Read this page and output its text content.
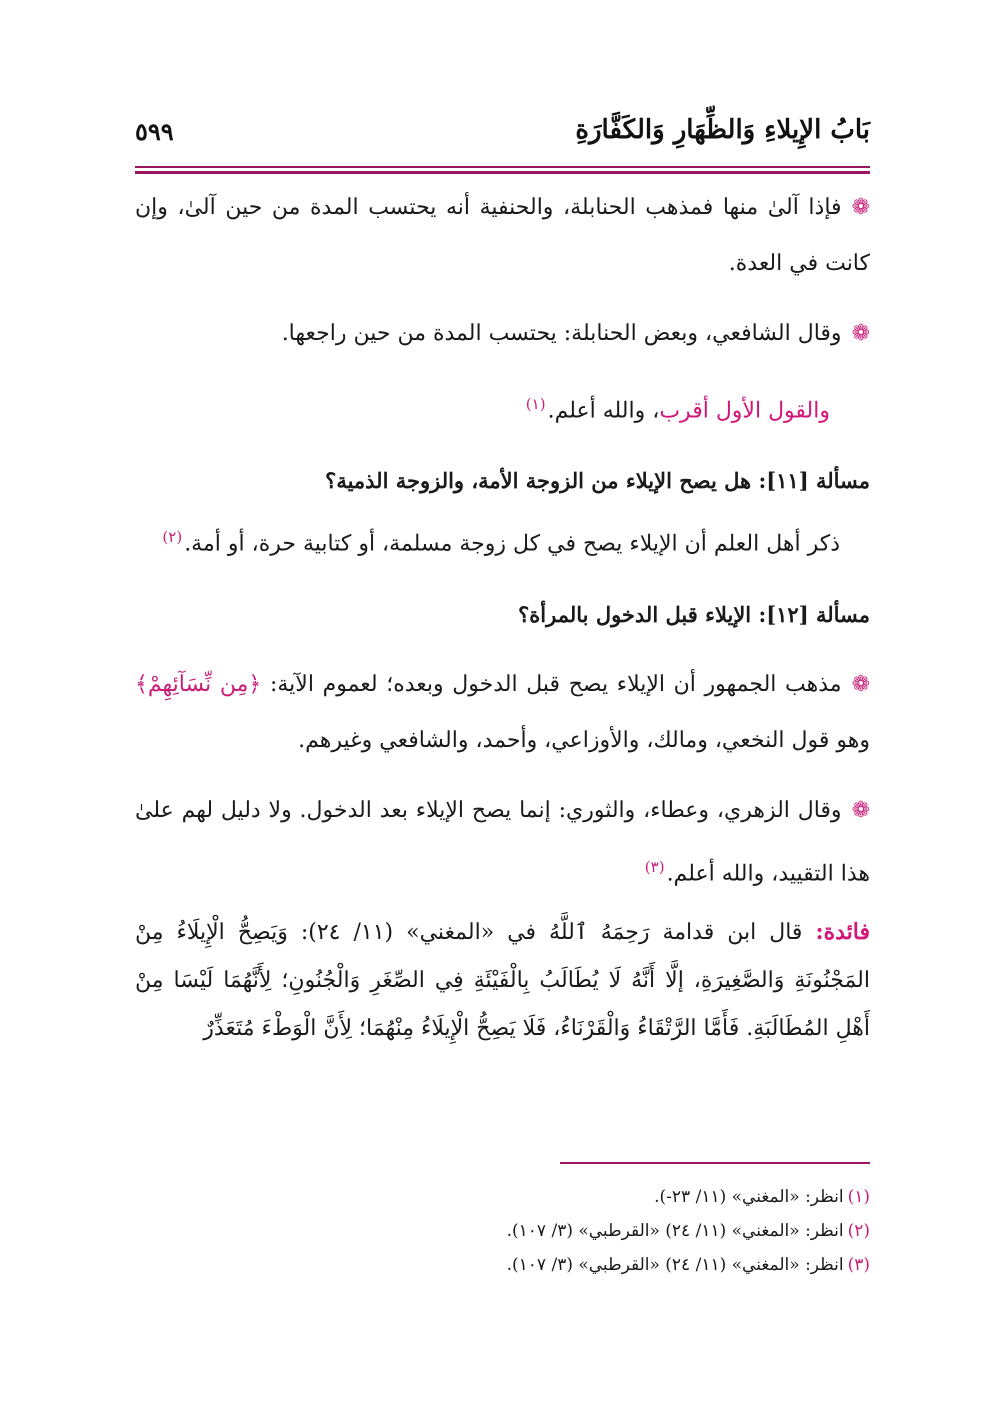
بَابُ الإِيلاءِ وَالظِّهَارِ وَالكَفَّارَةِ
٥٩٩

❁فإذا آلىٰ منها فمذهب الحنابلة، والحنفية أنه يحتسب المدة من حين آلىٰ، وإن كانت في العدة.

❁وقال الشافعي، وبعض الحنابلة: يحتسب المدة من حين راجعها.

والقول الأول أقرب، والله أعلم.$^{(١)}$

مسألة [١١]: هل يصح الإيلاء من الزوجة الأمة، والزوجة الذمية؟

ذكر أهل العلم أن الإيلاء يصح في كل زوجة مسلمة، أو كتابية حرة، أو أمة.$^{(٢)}$

مسألة [١٢]: الإيلاء قبل الدخول بالمرأة؟

❁مذهب الجمهور أن الإيلاء يصح قبل الدخول وبعده؛ لعموم الآية: ﴿مِن نِّسَآئِهِمْ﴾ وهو قول النخعي، ومالك، والأوزاعي، وأحمد، والشافعي وغيرهم.

❁وقال الزهري، وعطاء، والثوري: إنما يصح الإيلاء بعد الدخول. ولا دليل لهم علىٰ هذا التقييد، والله أعلم.$^{(٣)}$

فائدة: قال ابن قدامة رَحِمَهُ ٱللَّهُ في «المغني» (١١/ ٢٤): وَيَصِحُّ الْإِيلَاءُ مِنْ المَجْنُونَةِ وَالصَّغِيرَةِ، إلَّا أَنَّهُ لَا يُطَالَبُ بِالْفَيْئَةِ فِي الصِّغَرِ وَالْجُنُونِ؛ لِأَنَّهُمَا لَيْسَا مِنْ أَهْلِ المُطَالَبَةِ. فَأَمَّا الرَّتْقَاءُ وَالْقَرْنَاءُ، فَلَا يَصِحُّ الْإِيلَاءُ مِنْهُمَا؛ لِأَنَّ الْوَطْءَ مُتَعَذِّرٌ

(١)انظر: «المغني» (١١/ ٢٣-).
(٢)انظر: «المغني» (١١/ ٢٤) «القرطبي» (٣/ ١٠٧).
(٣)انظر: «المغني» (١١/ ٢٤) «القرطبي» (٣/ ١٠٧).
